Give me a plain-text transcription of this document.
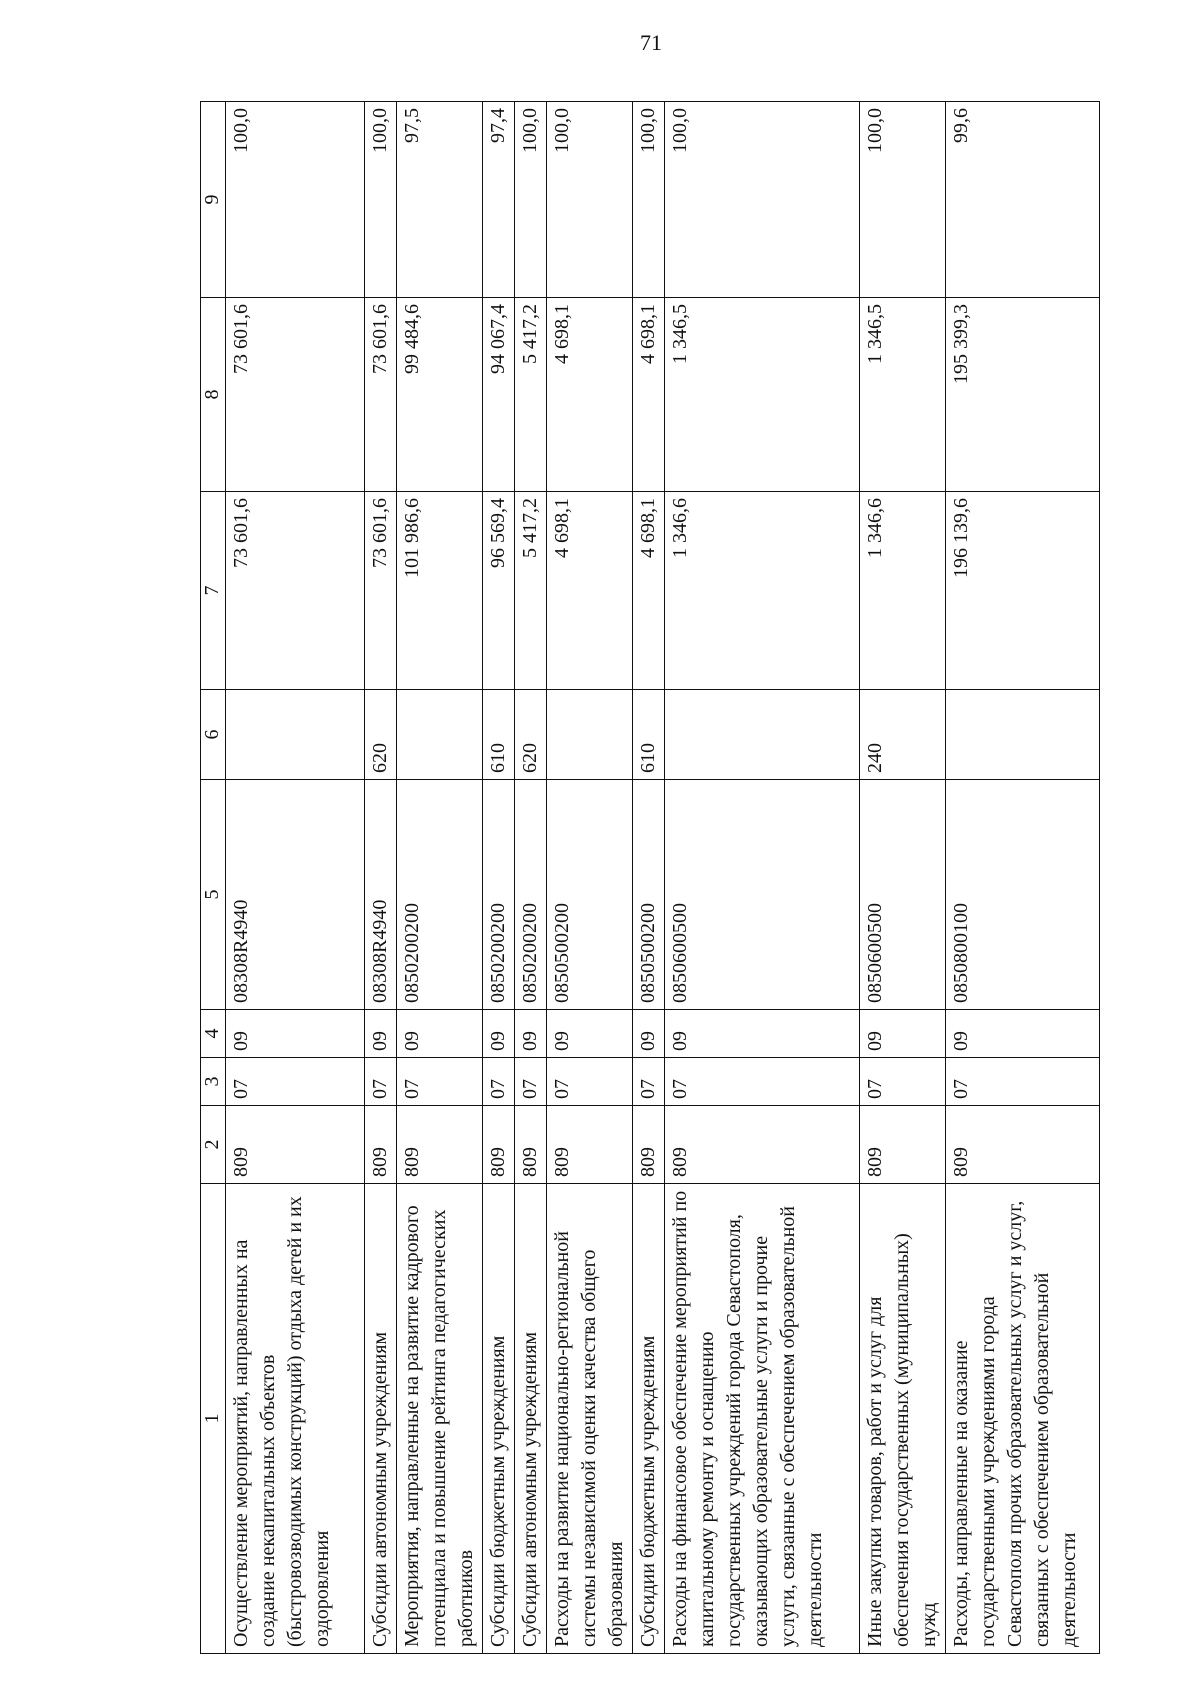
71
1	2	3	4	5	6	7	8	9
Осуществление мероприятий, направленных на создание некапитальных объектов (быстровозводимых конструкций) отдыха детей и их оздоровления	809	07	09	08308R4940		73 601,6	73 601,6	100,0
Субсидии автономным учреждениям	809	07	09	08308R4940	620	73 601,6	73 601,6	100,0
Мероприятия, направленные на развитие кадрового потенциала и повышение рейтинга педагогических работников	809	07	09	0850200200		101 986,6	99 484,6	97,5
Субсидии бюджетным учреждениям	809	07	09	0850200200	610	96 569,4	94 067,4	97,4
Субсидии автономным учреждениям	809	07	09	0850200200	620	5 417,2	5 417,2	100,0
Расходы на развитие национально-региональной системы независимой оценки качества общего образования	809	07	09	0850500200		4 698,1	4 698,1	100,0
Субсидии бюджетным учреждениям	809	07	09	0850500200	610	4 698,1	4 698,1	100,0
Расходы на финансовое обеспечение мероприятий по капитальному ремонту и оснащению государственных учреждений города Севастополя, оказывающих образовательные услуги и прочие услуги, связанные с обеспечением образовательной деятельности	809	07	09	0850600500		1 346,6	1 346,5	100,0
Иные закупки товаров, работ и услуг для обеспечения государственных (муниципальных) нужд	809	07	09	0850600500	240	1 346,6	1 346,5	100,0
Расходы, направленные на оказание государственными учреждениями города Севастополя прочих образовательных услуг и услуг, связанных с обеспечением образовательной деятельности	809	07	09	0850800100		196 139,6	195 399,3	99,6
